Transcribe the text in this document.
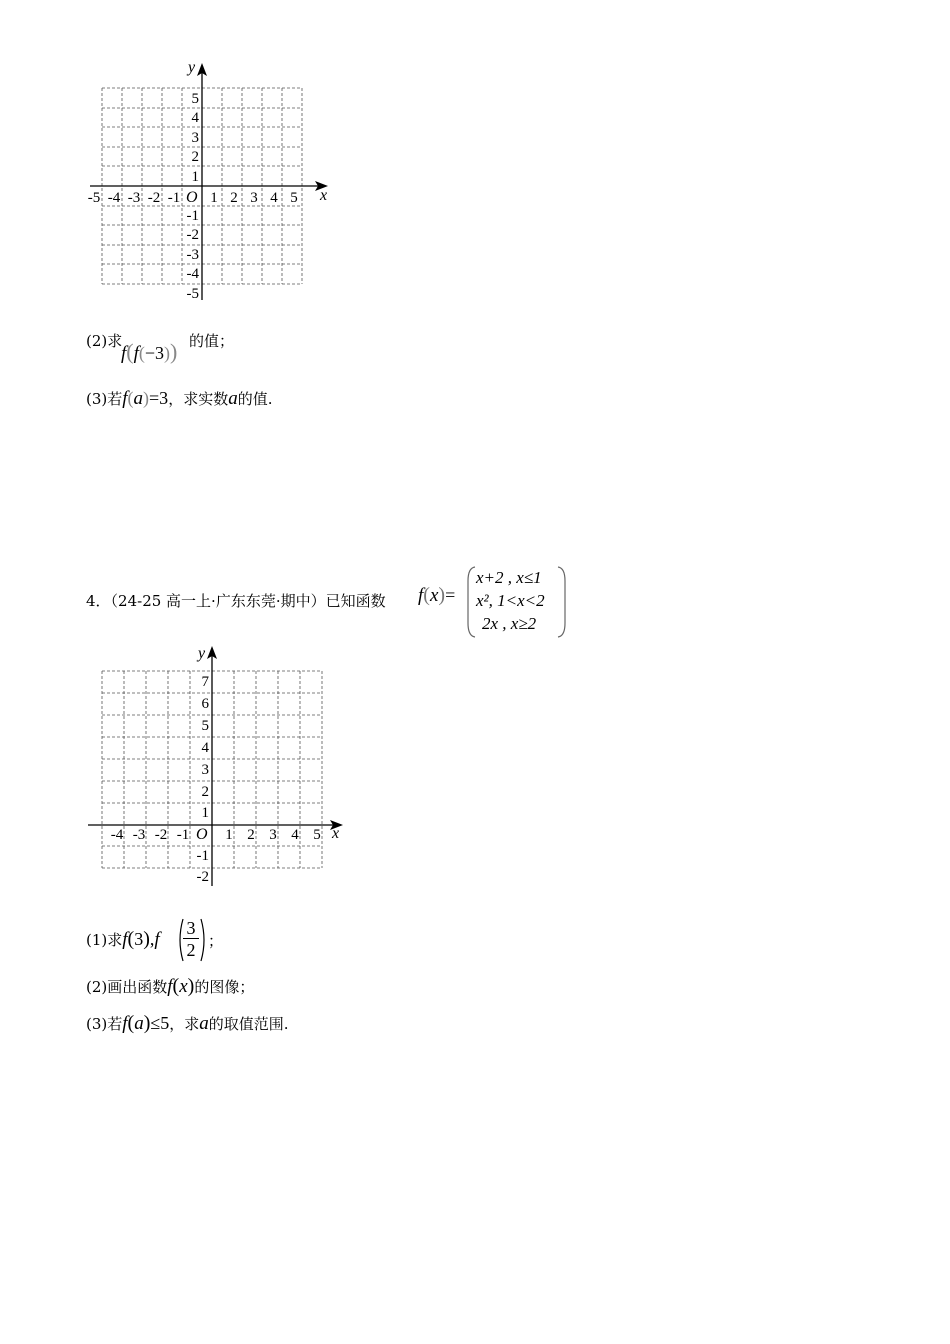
x
y
O
-5 -4 -3 -2 -1 1 2 3 4 5
5
4
3
2
1
-1
-2
-3
-4
-5
(2)求
f(f(−3)) 的值；
(3)若f(a)=3，求实数a的值.
4．（24-25 高一上·广东东莞·期中）已知函数 f(x)=
x+2 , x≤1
x², 1<x<2
2x , x≥2
x
y
O
-4 -3 -2 -1 1 2 3 4 5
7
6
5
4
3
2
1
-1
-2
(1)求f(3),f
3
2 ；
(2)画出函数f(x)的图像；
(3)若f(a)≤5，求a的取值范围.
